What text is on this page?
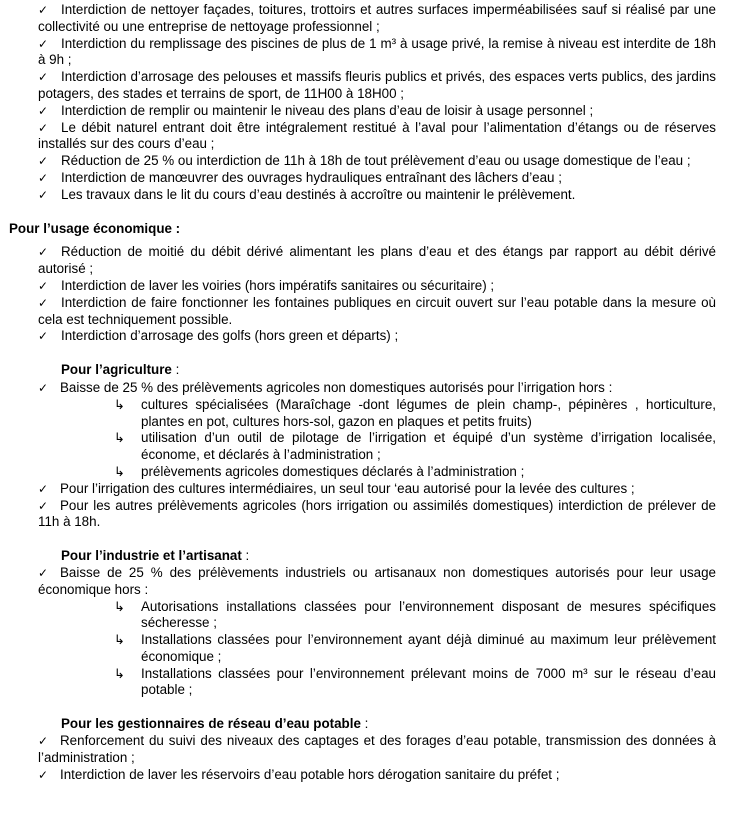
✓ Interdiction de nettoyer façades, toitures, trottoirs et autres surfaces imperméabilisées sauf si réalisé par une collectivité ou une entreprise de nettoyage professionnel ;
✓ Interdiction du remplissage des piscines de plus de 1 m³ à usage privé, la remise à niveau est interdite de 18h à 9h ;
✓ Interdiction d’arrosage des pelouses et massifs fleuris publics et privés, des espaces verts publics, des jardins potagers, des stades et terrains de sport, de 11H00 à 18H00 ;
✓ Interdiction de remplir ou maintenir le niveau des plans d’eau de loisir à usage personnel ;
✓ Le débit naturel entrant doit être intégralement restitué à l’aval pour l’alimentation d’étangs ou de réserves installés sur des cours d’eau ;
✓ Réduction de 25 % ou interdiction de 11h à 18h de tout prélèvement d’eau ou usage domestique de l’eau ;
✓ Interdiction de manœuvrer des ouvrages hydrauliques entraînant des lâchers d’eau ;
✓ Les travaux dans le lit du cours d’eau destinés à accroître ou maintenir le prélèvement.
Pour l’usage économique :
✓ Réduction de moitié du débit dérivé alimentant les plans d’eau et des étangs par rapport au débit dérivé autorisé ;
✓ Interdiction de laver les voiries (hors impératifs sanitaires ou sécuritaire) ;
✓ Interdiction de faire fonctionner les fontaines publiques en circuit ouvert sur l’eau potable dans la mesure où cela est techniquement possible.
✓ Interdiction d’arrosage des golfs (hors green et départs) ;
Pour l’agriculture :
✓ Baisse de 25 % des prélèvements agricoles non domestiques autorisés pour l’irrigation hors :
↳ cultures spécialisées (Maraîchage -dont légumes de plein champ-, pépinères , horticulture, plantes en pot, cultures hors-sol, gazon en plaques et petits fruits)
↳ utilisation d’un outil de pilotage de l’irrigation et équipé d’un système d’irrigation localisée, économe, et déclarés à l’administration ;
↳ prélèvements agricoles domestiques déclarés à l’administration ;
✓ Pour l’irrigation des cultures intermédiaires, un seul tour ‘eau autorisé pour la levée des cultures ;
✓ Pour les autres prélèvements agricoles (hors irrigation ou assimilés domestiques) interdiction de prélever de 11h à 18h.
Pour l’industrie et l’artisanat :
✓ Baisse de 25 % des prélèvements industriels ou artisanaux non domestiques autorisés pour leur usage économique hors :
↳ Autorisations installations classées pour l’environnement disposant de mesures spécifiques sécheresse ;
↳ Installations classées pour l’environnement ayant déjà diminué au maximum leur prélèvement économique ;
↳ Installations classées pour l’environnement prélevant moins de 7000 m³ sur le réseau d’eau potable ;
Pour les gestionnaires de réseau d’eau potable :
✓ Renforcement du suivi des niveaux des captages et des forages d’eau potable, transmission des données à l’administration ;
✓ Interdiction de laver les réservoirs d’eau potable hors dérogation sanitaire du préfet ;
